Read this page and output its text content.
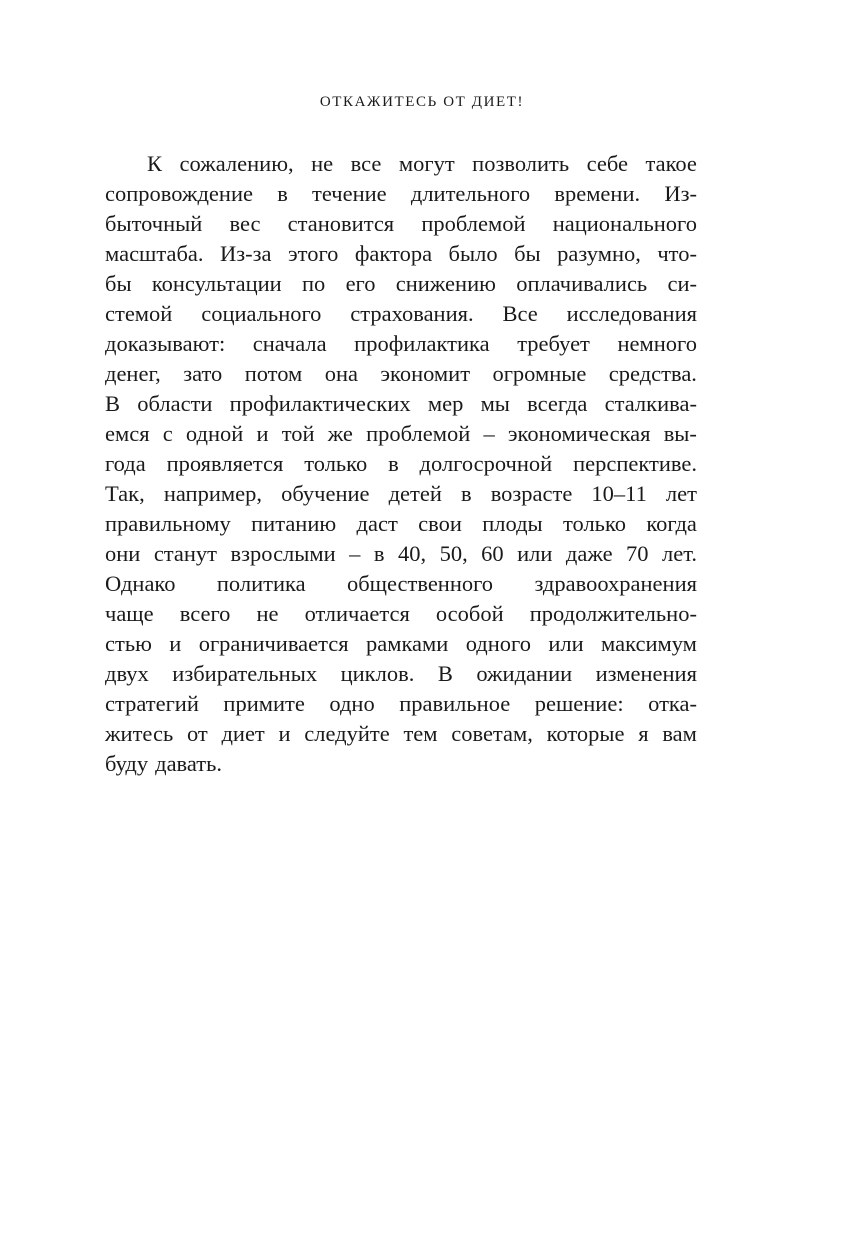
ОТКАЖИТЕСЬ ОТ ДИЕТ!
К сожалению, не все могут позволить себе такое
сопровождение в течение длительного времени. Из-
быточный вес становится проблемой национального
масштаба. Из-за этого фактора было бы разумно, что-
бы консультации по его снижению оплачивались си-
стемой социального страхования. Все исследования
доказывают: сначала профилактика требует немного
денег, зато потом она экономит огромные средства.
В области профилактических мер мы всегда сталкива-
емся с одной и той же проблемой – экономическая вы-
года проявляется только в долгосрочной перспективе.
Так, например, обучение детей в возрасте 10–11 лет
правильному питанию даст свои плоды только когда
они станут взрослыми – в 40, 50, 60 или даже 70 лет.
Однако политика общественного здравоохранения
чаще всего не отличается особой продолжительно-
стью и ограничивается рамками одного или максимум
двух избирательных циклов. В ожидании изменения
стратегий примите одно правильное решение: отка-
житесь от диет и следуйте тем советам, которые я вам
буду давать.
